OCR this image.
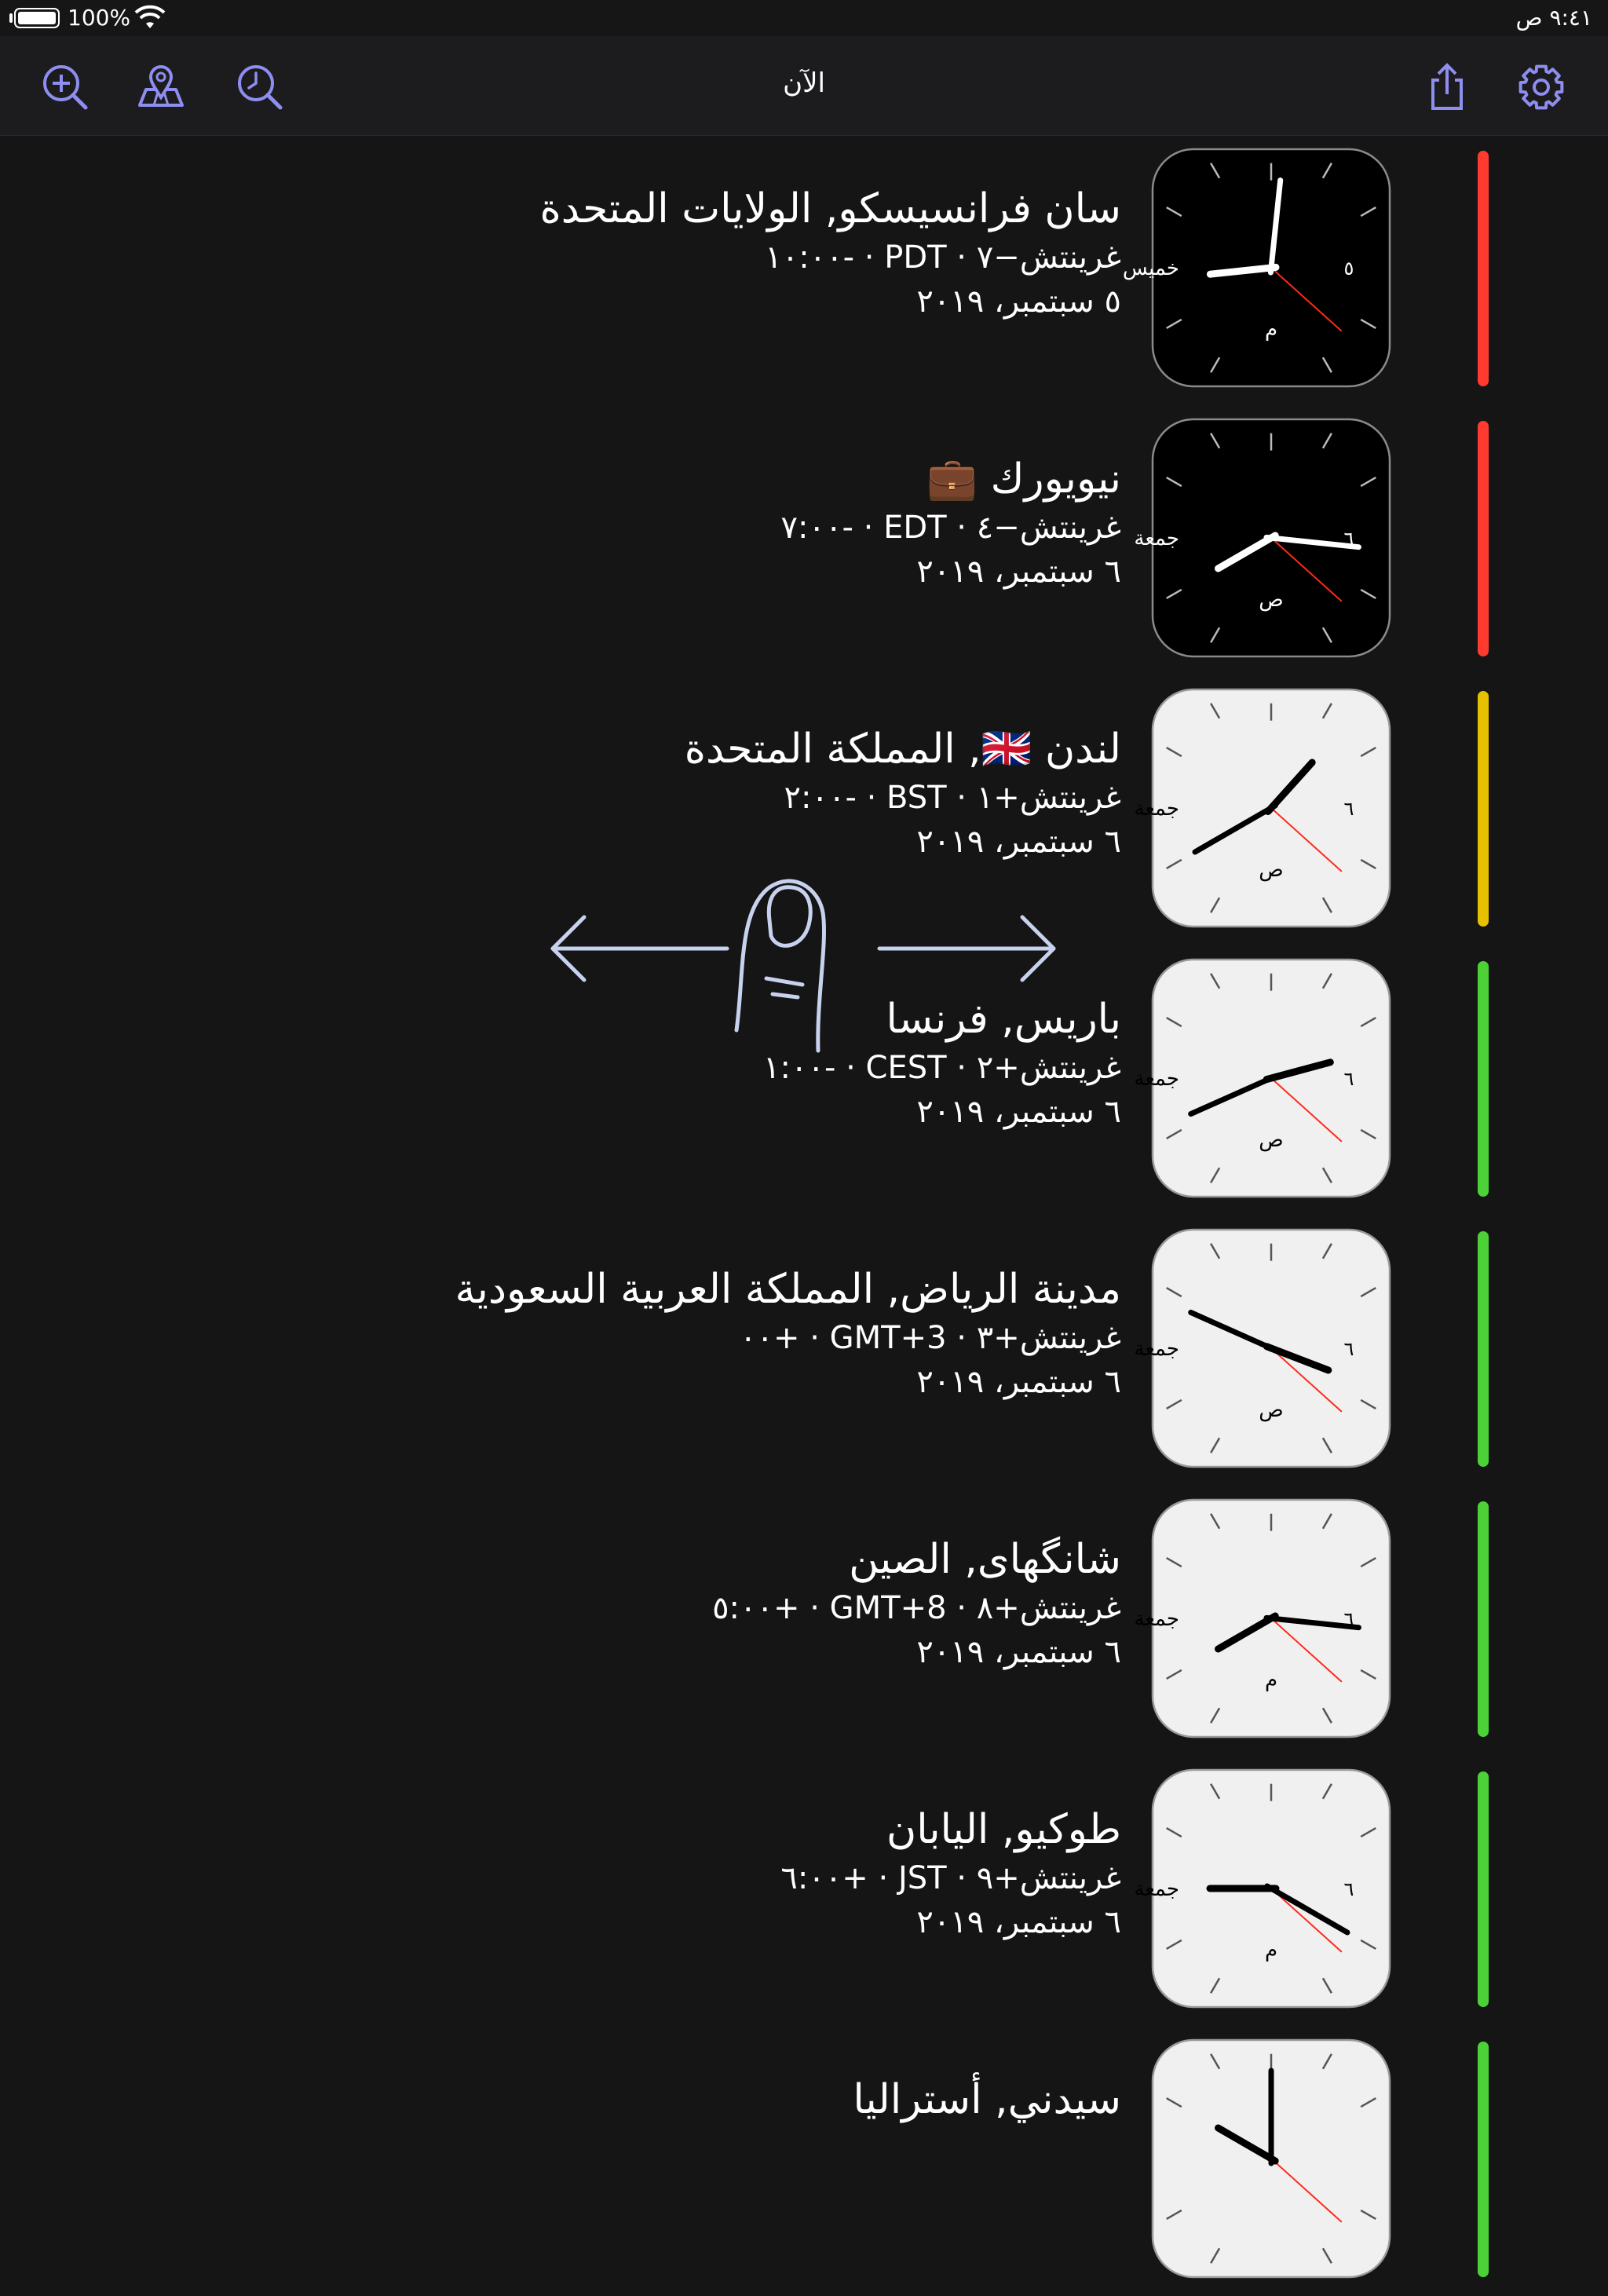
100%	٩:٤١ ص
الآن
خميس	٥
م
سان فرانسيسكو, الولايات المتحدة
غرينتش−٧ · PDT · -١٠:٠٠
٥ سبتمبر، ٢٠١٩
جمعة	٦
ص
نيويورك 💼
غرينتش−٤ · EDT · -٧:٠٠
٦ سبتمبر، ٢٠١٩
جمعة	٦
ص
لندن 🇬🇧, المملكة المتحدة
غرينتش+١ · BST · -٢:٠٠
٦ سبتمبر، ٢٠١٩
جمعة	٦
ص
باريس, فرنسا
غرينتش+٢ · CEST · -١:٠٠
٦ سبتمبر، ٢٠١٩
جمعة	٦
ص
مدينة الرياض, المملكة العربية السعودية
غرينتش+٣ · GMT+3 · +٠٠
٦ سبتمبر، ٢٠١٩
جمعة	٦
م
شانگهای, الصين
غرينتش+٨ · GMT+8 · +٥:٠٠
٦ سبتمبر، ٢٠١٩
جمعة	٦
م
طوكيو, اليابان
غرينتش+٩ · JST · +٦:٠٠
٦ سبتمبر، ٢٠١٩
سيدني, أستراليا
